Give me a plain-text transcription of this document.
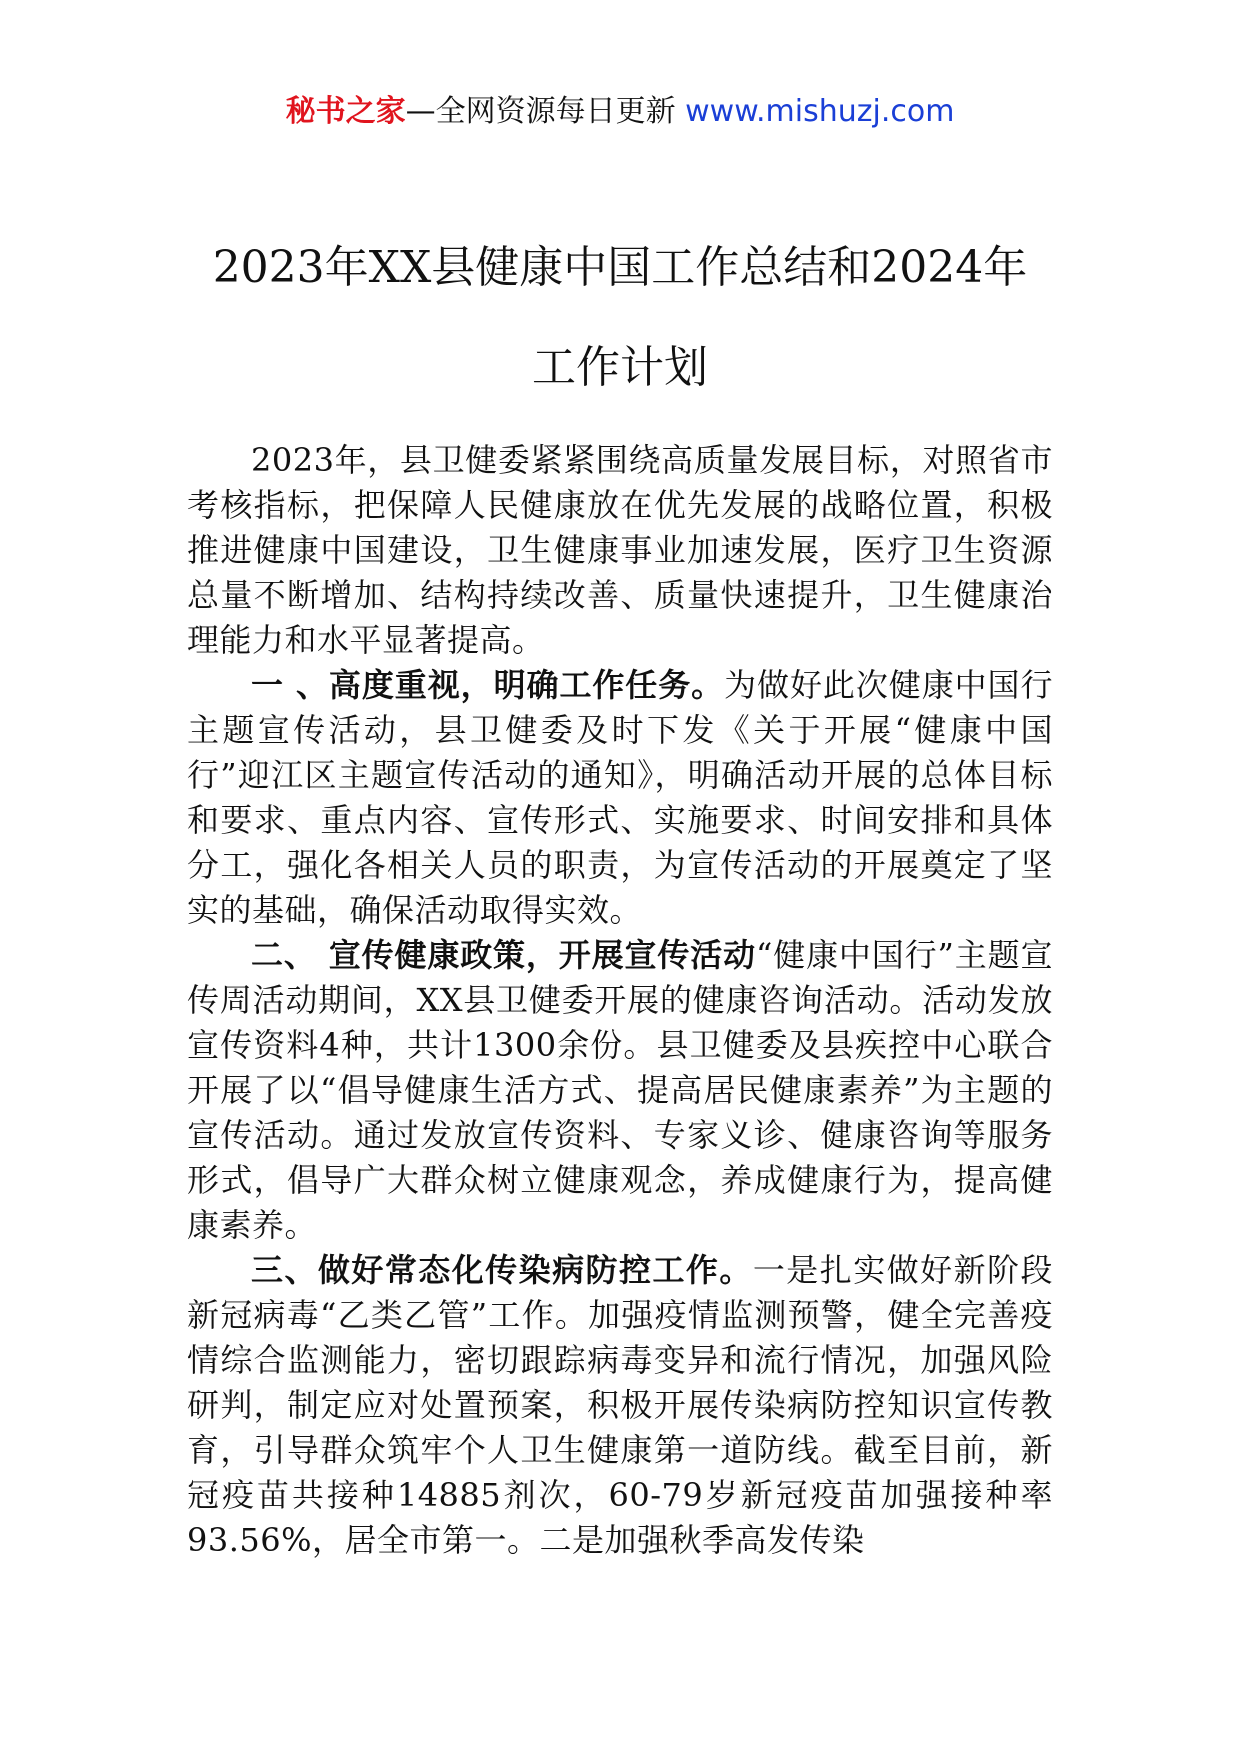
秘书之家—全网资源每日更新 www.mishuzj.com
2023年XX县健康中国工作总结和2024年
工作计划

2023年，县卫健委紧紧围绕高质量发展目标，对照省市考核指标，把保障人民健康放在优先发展的战略位置，积极推进健康中国建设，卫生健康事业加速发展，医疗卫生资源总量不断增加、结构持续改善、质量快速提升，卫生健康治理能力和水平显著提高。

一 、高度重视，明确工作任务。为做好此次健康中国行主题宣传活动，县卫健委及时下发《关于开展“健康中国行”迎江区主题宣传活动的通知》，明确活动开展的总体目标和要求、重点内容、宣传形式、实施要求、时间安排和具体分工，强化各相关人员的职责，为宣传活动的开展奠定了坚实的基础，确保活动取得实效。

二、 宣传健康政策，开展宣传活动“健康中国行”主题宣传周活动期间，XX县卫健委开展的健康咨询活动。活动发放宣传资料4种，共计1300余份。县卫健委及县疾控中心联合开展了以“倡导健康生活方式、提高居民健康素养”为主题的宣传活动。通过发放宣传资料、专家义诊、健康咨询等服务形式，倡导广大群众树立健康观念，养成健康行为，提高健康素养。

三、做好常态化传染病防控工作。一是扎实做好新阶段新冠病毒“乙类乙管”工作。加强疫情监测预警，健全完善疫情综合监测能力，密切跟踪病毒变异和流行情况，加强风险研判，制定应对处置预案，积极开展传染病防控知识宣传教育，引导群众筑牢个人卫生健康第一道防线。截至目前，新冠疫苗共接种14885剂次，60-79岁新冠疫苗加强接种率93.56%，居全市第一。二是加强秋季高发传染
